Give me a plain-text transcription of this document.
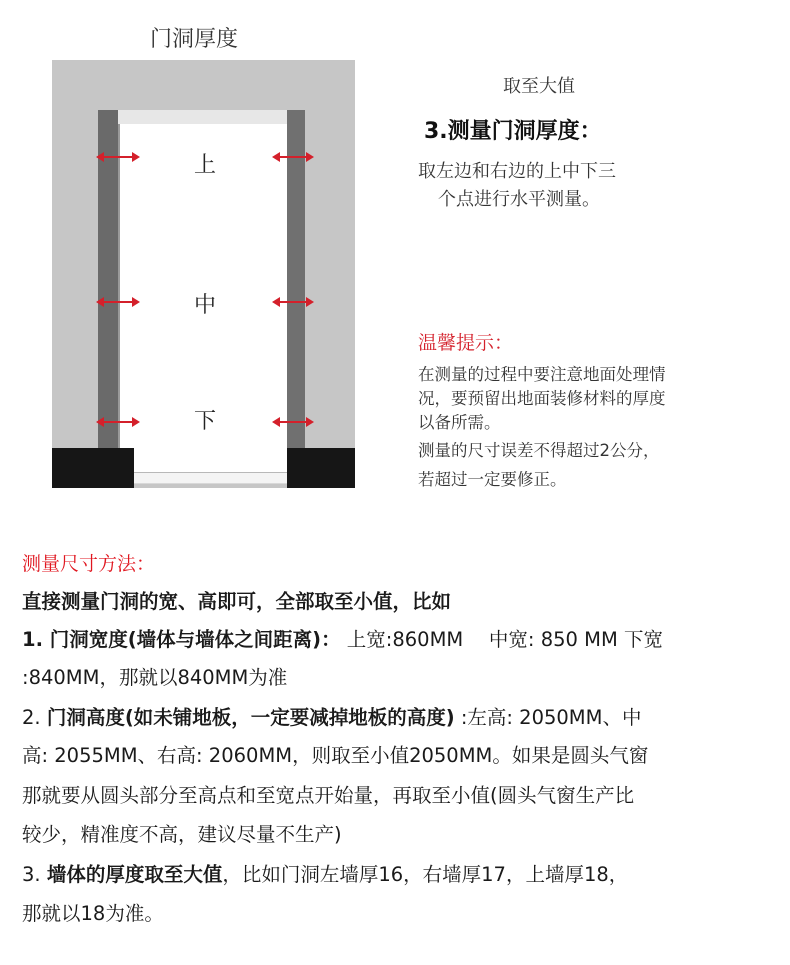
门洞厚度
上
中
下
取至大值
3.测量门洞厚度：
取左边和右边的上中下三
个点进行水平测量。
温馨提示：
在测量的过程中要注意地面处理情
况，要预留出地面装修材料的厚度
以备所需。
测量的尺寸误差不得超过2公分，
若超过一定要修正。
测量尺寸方法：
直接测量门洞的宽、高即可，全部取至小值，比如
1. 门洞宽度(墙体与墙体之间距离)： 上宽:860MM　 中宽: 850 MM 下宽
:840MM，那就以840MM为准
2. 门洞高度(如未铺地板，一定要减掉地板的高度) :左高: 2050MM、中
高: 2055MM、右高: 2060MM，则取至小值2050MM。如果是圆头气窗
那就要从圆头部分至高点和至宽点开始量，再取至小值(圆头气窗生产比
较少，精准度不高，建议尽量不生产)
3. 墙体的厚度取至大值，比如门洞左墙厚16，右墙厚17，上墙厚18，
那就以18为准。
